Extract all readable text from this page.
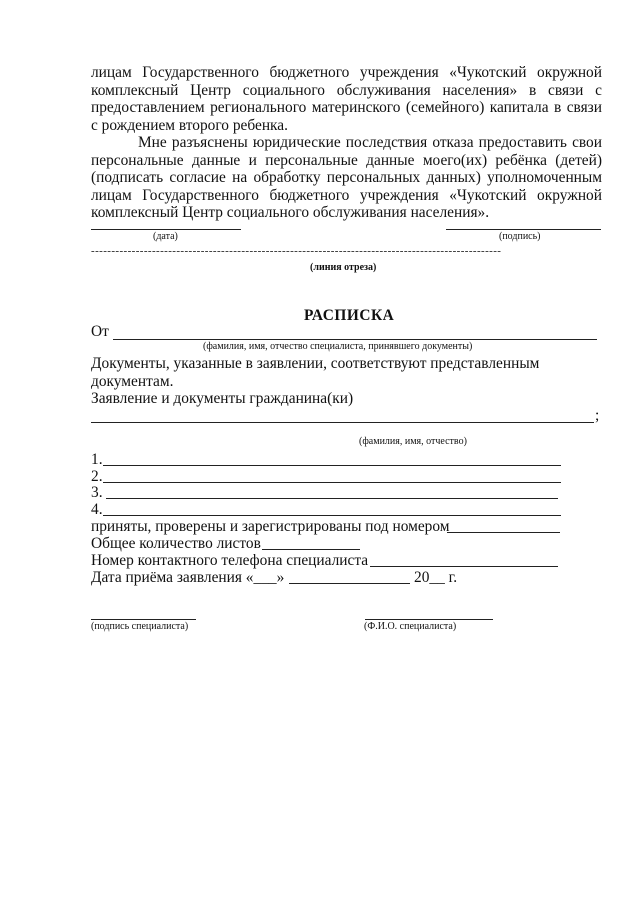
лицам Государственного бюджетного учреждения «Чукотский окружной комплексный Центр социального обслуживания населения» в связи с предоставлением регионального материнского (семейного) капитала в связи с рождением второго ребенка.
Мне разъяснены юридические последствия отказа предоставить свои персональные данные и персональные данные моего(их) ребёнка (детей) (подписать согласие на обработку персональных данных) уполномоченным лицам Государственного бюджетного учреждения «Чукотский окружной комплексный Центр социального обслуживания населения».
(дата)	(подпись)
-----------------------------------------------------------------------------------------------------
(линия отреза)
РАСПИСКА
От
(фамилия, имя, отчество специалиста, принявшего документы)
Документы, указанные в заявлении, соответствуют представленным документам.
Заявление и документы гражданина(ки)
;
(фамилия, имя, отчество)
1.
2.
3.
4.
приняты, проверены и зарегистрированы под номером
Общее количество листов
Номер контактного телефона специалиста
Дата приёма заявления «___»	20__ г.
(подпись специалиста)	(Ф.И.О. специалиста)
